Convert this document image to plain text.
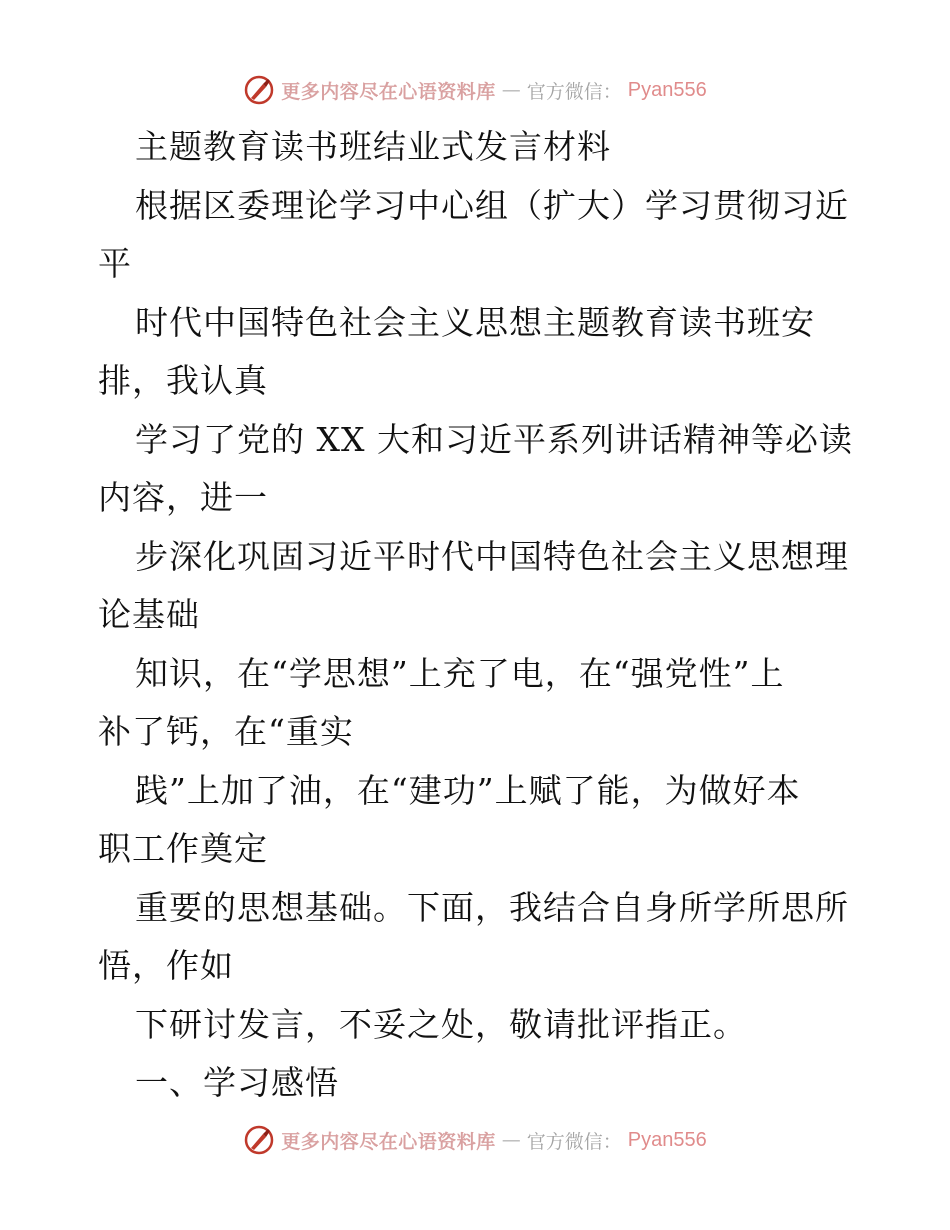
更多内容尽在心语资料库 — 官方微信： Pyan556
主题教育读书班结业式发言材料
根据区委理论学习中心组（扩大）学习贯彻习近
平
时代中国特色社会主义思想主题教育读书班安
排，我认真
学习了党的 XX 大和习近平系列讲话精神等必读
内容，进一
步深化巩固习近平时代中国特色社会主义思想理
论基础
知识，在“学思想”上充了电，在“强党性”上
补了钙，在“重实
践”上加了油，在“建功”上赋了能，为做好本
职工作奠定
重要的思想基础。下面，我结合自身所学所思所
悟，作如
下研讨发言，不妥之处，敬请批评指正。
一、学习感悟
更多内容尽在心语资料库 — 官方微信： Pyan556
